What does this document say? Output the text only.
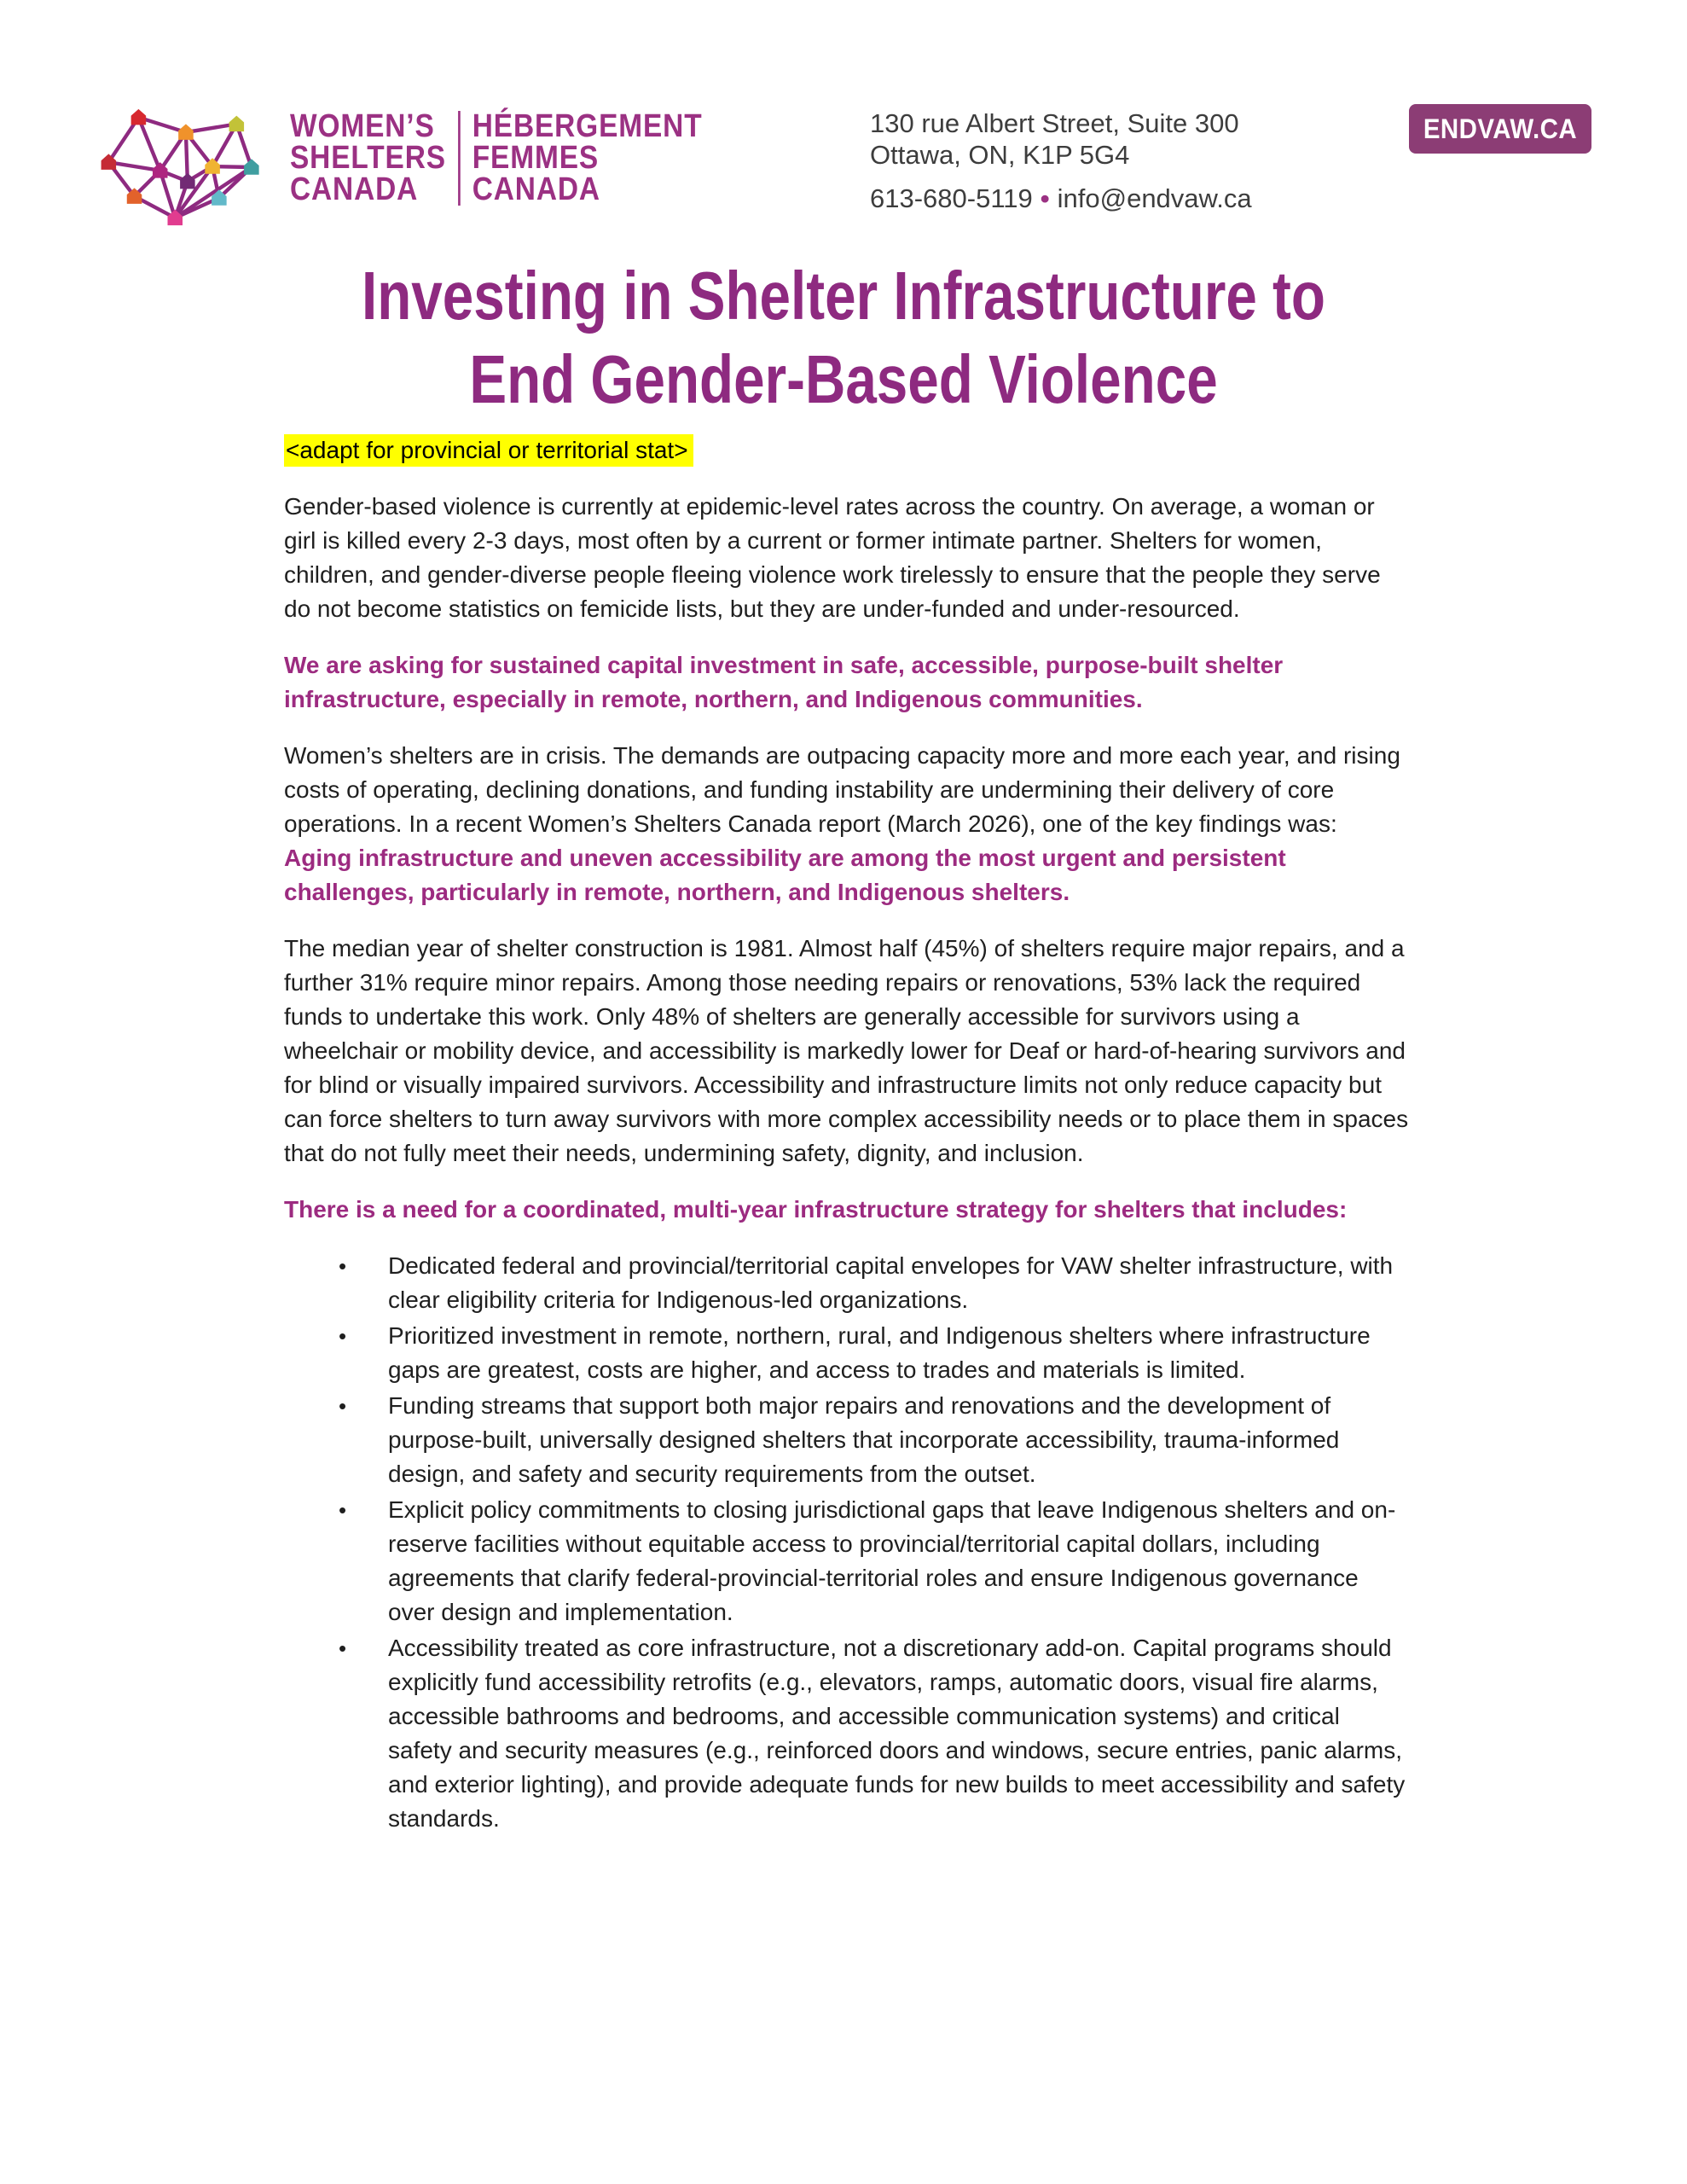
WOMEN’S
SHELTERS
CANADA
HÉBERGEMENT
FEMMES
CANADA
130 rue Albert Street, Suite 300
Ottawa, ON, K1P 5G4
613-680-5119 • info@endvaw.ca
ENDVAW.CA
Investing in Shelter Infrastructure to
End Gender-Based Violence

<adapt for provincial or territorial stat>

Gender-based violence is currently at epidemic-level rates across the country. On average, a woman or girl is killed every 2-3 days, most often by a current or former intimate partner. Shelters for women, children, and gender-diverse people fleeing violence work tirelessly to ensure that the people they serve do not become statistics on femicide lists, but they are under-funded and under-resourced.

We are asking for sustained capital investment in safe, accessible, purpose-built shelter infrastructure, especially in remote, northern, and Indigenous communities.

Women’s shelters are in crisis. The demands are outpacing capacity more and more each year, and rising costs of operating, declining donations, and funding instability are undermining their delivery of core operations. In a recent Women’s Shelters Canada report (March 2026), one of the key findings was: Aging infrastructure and uneven accessibility are among the most urgent and persistent challenges, particularly in remote, northern, and Indigenous shelters.

The median year of shelter construction is 1981. Almost half (45%) of shelters require major repairs, and a further 31% require minor repairs. Among those needing repairs or renovations, 53% lack the required funds to undertake this work. Only 48% of shelters are generally accessible for survivors using a wheelchair or mobility device, and accessibility is markedly lower for Deaf or hard-of-hearing survivors and for blind or visually impaired survivors. Accessibility and infrastructure limits not only reduce capacity but can force shelters to turn away survivors with more complex accessibility needs or to place them in spaces that do not fully meet their needs, undermining safety, dignity, and inclusion.

There is a need for a coordinated, multi-year infrastructure strategy for shelters that includes:

•	Dedicated federal and provincial/territorial capital envelopes for VAW shelter infrastructure, with clear eligibility criteria for Indigenous-led organizations.
•	Prioritized investment in remote, northern, rural, and Indigenous shelters where infrastructure gaps are greatest, costs are higher, and access to trades and materials is limited.
•	Funding streams that support both major repairs and renovations and the development of purpose-built, universally designed shelters that incorporate accessibility, trauma-informed design, and safety and security requirements from the outset.
•	Explicit policy commitments to closing jurisdictional gaps that leave Indigenous shelters and on-reserve facilities without equitable access to provincial/territorial capital dollars, including agreements that clarify federal-provincial-territorial roles and ensure Indigenous governance over design and implementation.
•	Accessibility treated as core infrastructure, not a discretionary add-on. Capital programs should explicitly fund accessibility retrofits (e.g., elevators, ramps, automatic doors, visual fire alarms, accessible bathrooms and bedrooms, and accessible communication systems) and critical safety and security measures (e.g., reinforced doors and windows, secure entries, panic alarms, and exterior lighting), and provide adequate funds for new builds to meet accessibility and safety standards.
